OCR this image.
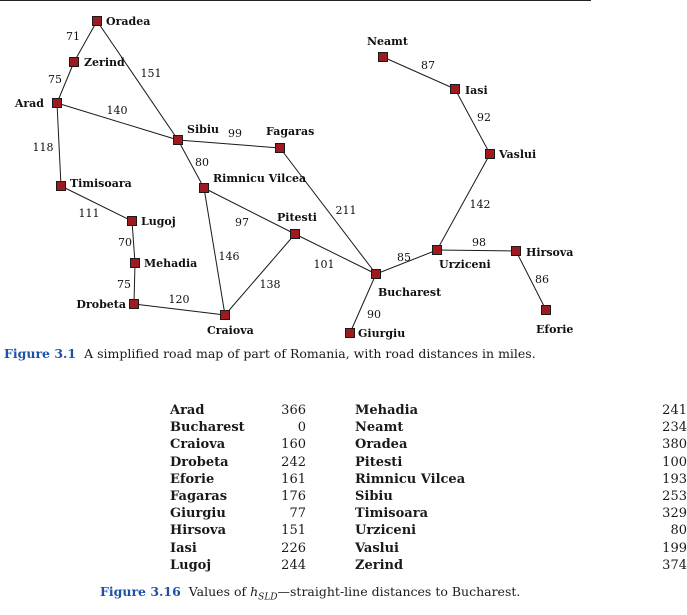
71
151
75
140
118
99
80
111
70
75
120
97
146
138
101
211
90
85
98
86
142
92
87
Oradea
Zerind
Arad
Sibiu	Fagaras
Timisoara	Rimnicu Vilcea
Lugoj	Pitesti
Mehadia
Drobeta
Craiova
Bucharest
Giurgiu
Urziceni
Hirsova
Eforie
Vaslui
Iasi
Neamt
Figure 3.1 A simplified road map of part of Romania, with road distances in miles.
Arad	366
Bucharest	0
Craiova	160
Drobeta	242
Eforie	161
Fagaras	176
Giurgiu	77
Hirsova	151
Iasi	226
Lugoj	244
Mehadia	241
Neamt	234
Oradea	380
Pitesti	100
Rimnicu Vilcea	193
Sibiu	253
Timisoara	329
Urziceni	80
Vaslui	199
Zerind	374
Figure 3.16 Values of $h_{SLD}—straight$-line distances to Bucharest.
